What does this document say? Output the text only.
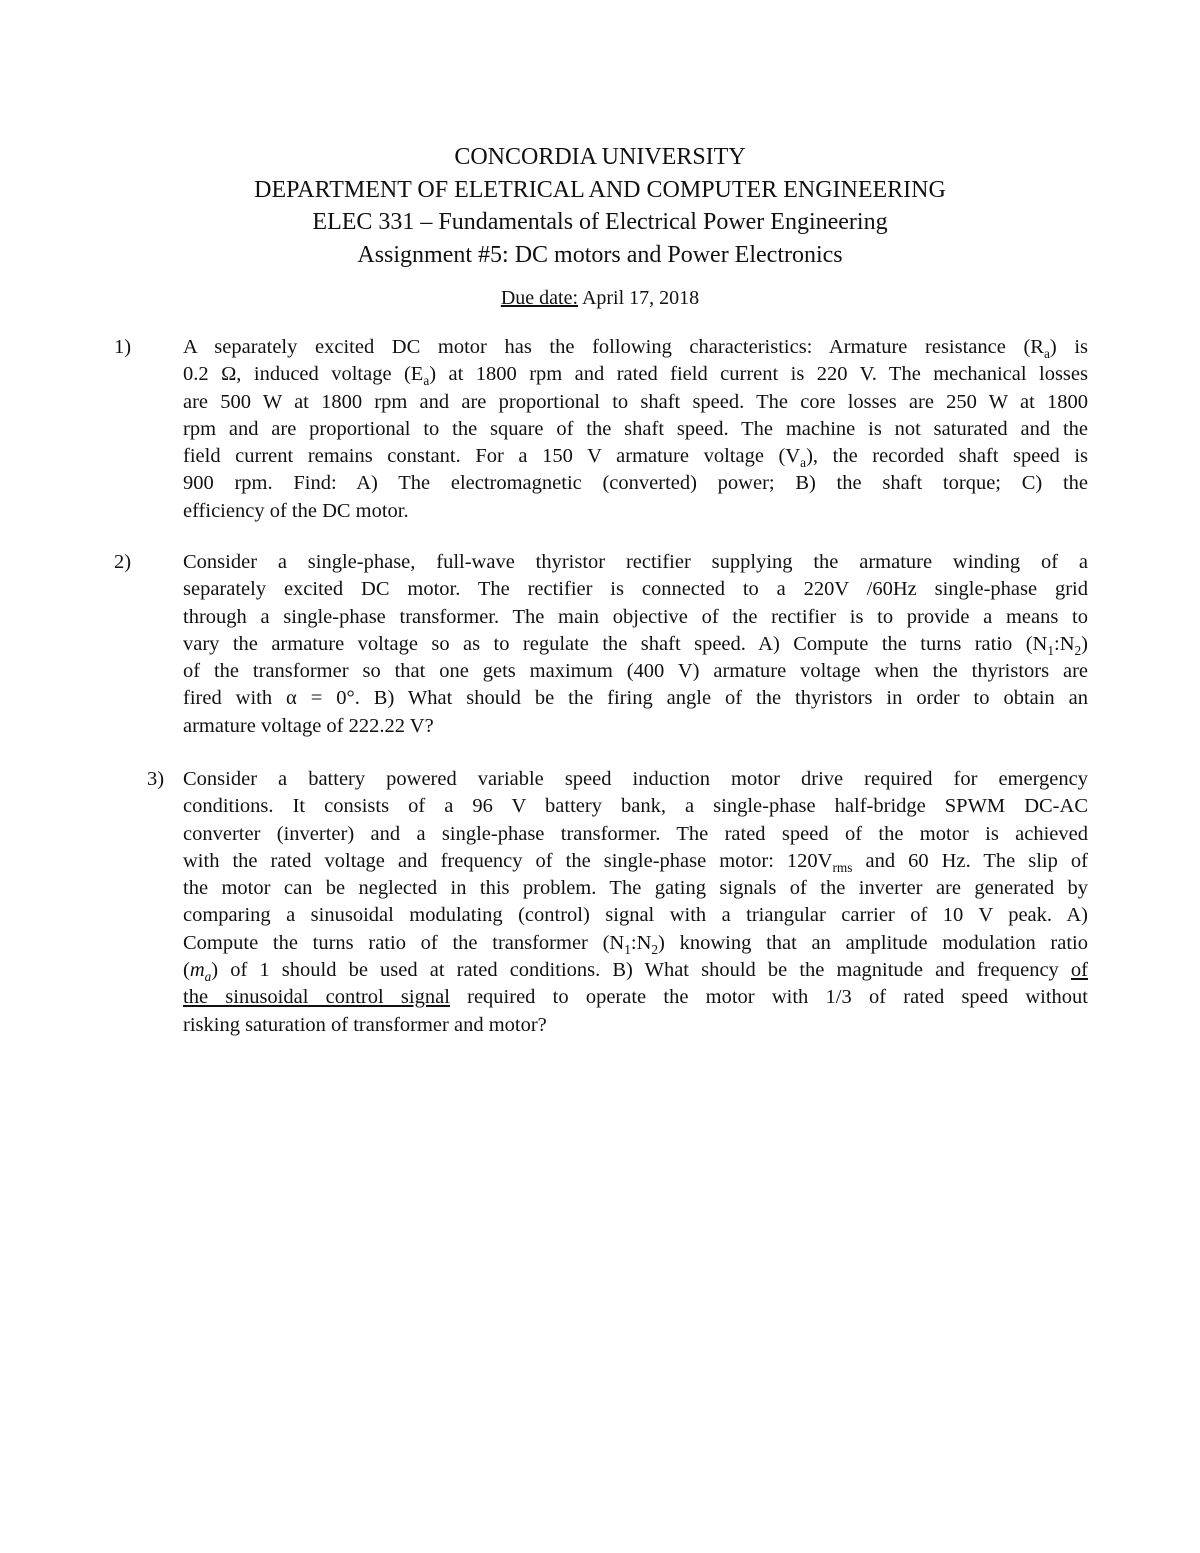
CONCORDIA UNIVERSITY
DEPARTMENT OF ELETRICAL AND COMPUTER ENGINEERING
ELEC 331 – Fundamentals of Electrical Power Engineering
Assignment #5: DC motors and Power Electronics
Due date: April 17, 2018
1)	A separately excited DC motor has the following characteristics: Armature resistance $(R_a)$ is
0.2 Ω, induced voltage $(E_a)$ at 1800 rpm and rated field current is 220 V. The mechanical losses
are 500 W at 1800 rpm and are proportional to shaft speed. The core losses are 250 W at 1800
rpm and are proportional to the square of the shaft speed. The machine is not saturated and the
field current remains constant. For a 150 V armature voltage $(V_a)$, the recorded shaft speed is
900 rpm. Find: A) The electromagnetic (converted) power; B) the shaft torque; C) the
efficiency of the DC motor.
2)	Consider a single-phase, full-wave thyristor rectifier supplying the armature winding of a
separately excited DC motor. The rectifier is connected to a 220V /60Hz single-phase grid
through a single-phase transformer. The main objective of the rectifier is to provide a means to
vary the armature voltage so as to regulate the shaft speed. A) Compute the turns ratio $(N_1:N_2)$
of the transformer so that one gets maximum (400 V) armature voltage when the thyristors are
fired with α = 0°. B) What should be the firing angle of the thyristors in order to obtain an
armature voltage of 222.22 V?
3) Consider a battery powered variable speed induction motor drive required for emergency
conditions. It consists of a 96 V battery bank, a single-phase half-bridge SPWM DC-AC
converter (inverter) and a single-phase transformer. The rated speed of the motor is achieved
with the rated voltage and frequency of the single-phase motor: $120V_{rms}$ and 60 Hz. The slip of
the motor can be neglected in this problem. The gating signals of the inverter are generated by
comparing a sinusoidal modulating (control) signal with a triangular carrier of 10 V peak. A)
Compute the turns ratio of the transformer $(N_1:N_2)$ knowing that an amplitude modulation ratio
$(m_a)$ of 1 should be used at rated conditions. B) What should be the magnitude and frequency of
the sinusoidal control signal required to operate the motor with 1/3 of rated speed without
risking saturation of transformer and motor?
